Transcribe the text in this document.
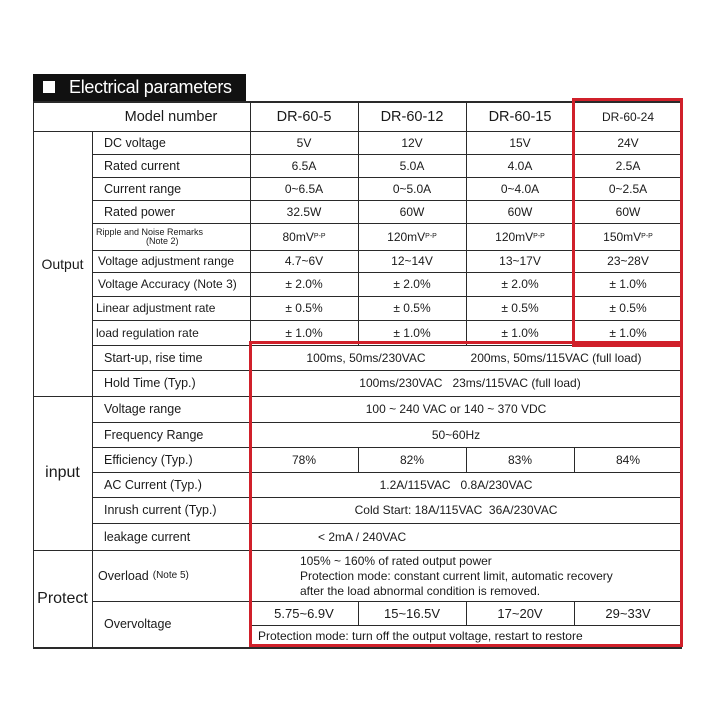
Electrical parameters
Model number	DR-60-5	DR-60-12	DR-60-15	DR-60-24
Output
input
Protect
DC voltage	5V	12V	15V	24V
Rated current	6.5A	5.0A	4.0A	2.5A
Current range	0~6.5A	0~5.0A	0~4.0A	0~2.5A
Rated power	32.5W	60W	60W	60W
Ripple and Noise Remarks
(Note 2)	80mV P-P	120mV P-P	120mV P-P	150mV P-P
Voltage adjustment range	4.7~6V	12~14V	13~17V	23~28V
Voltage Accuracy (Note 3)	± 2.0%	± 2.0%	± 2.0%	± 1.0%
Linear adjustment rate	± 0.5%	± 0.5%	± 0.5%	± 0.5%
load regulation rate	± 1.0%	± 1.0%	± 1.0%	± 1.0%
Start-up, rise time	100ms, 50ms/230VAC	200ms, 50ms/115VAC (full load)
Hold Time (Typ.)	100ms/230VAC   23ms/115VAC (full load)
Voltage range	100 ~ 240 VAC or 140 ~ 370 VDC
Frequency Range	50~60Hz
Efficiency (Typ.)	78%	82%	83%	84%
AC Current (Typ.)	1.2A/115VAC   0.8A/230VAC
Inrush current (Typ.)	Cold Start: 18A/115VAC  36A/230VAC
leakage current	< 2mA / 240VAC
Overload (Note 5)
105% ~ 160% of rated output power
Protection mode: constant current limit, automatic recovery
after the load abnormal condition is removed.
Overvoltage
5.75~6.9V	15~16.5V	17~20V	29~33V
Protection mode: turn off the output voltage, restart to restore
